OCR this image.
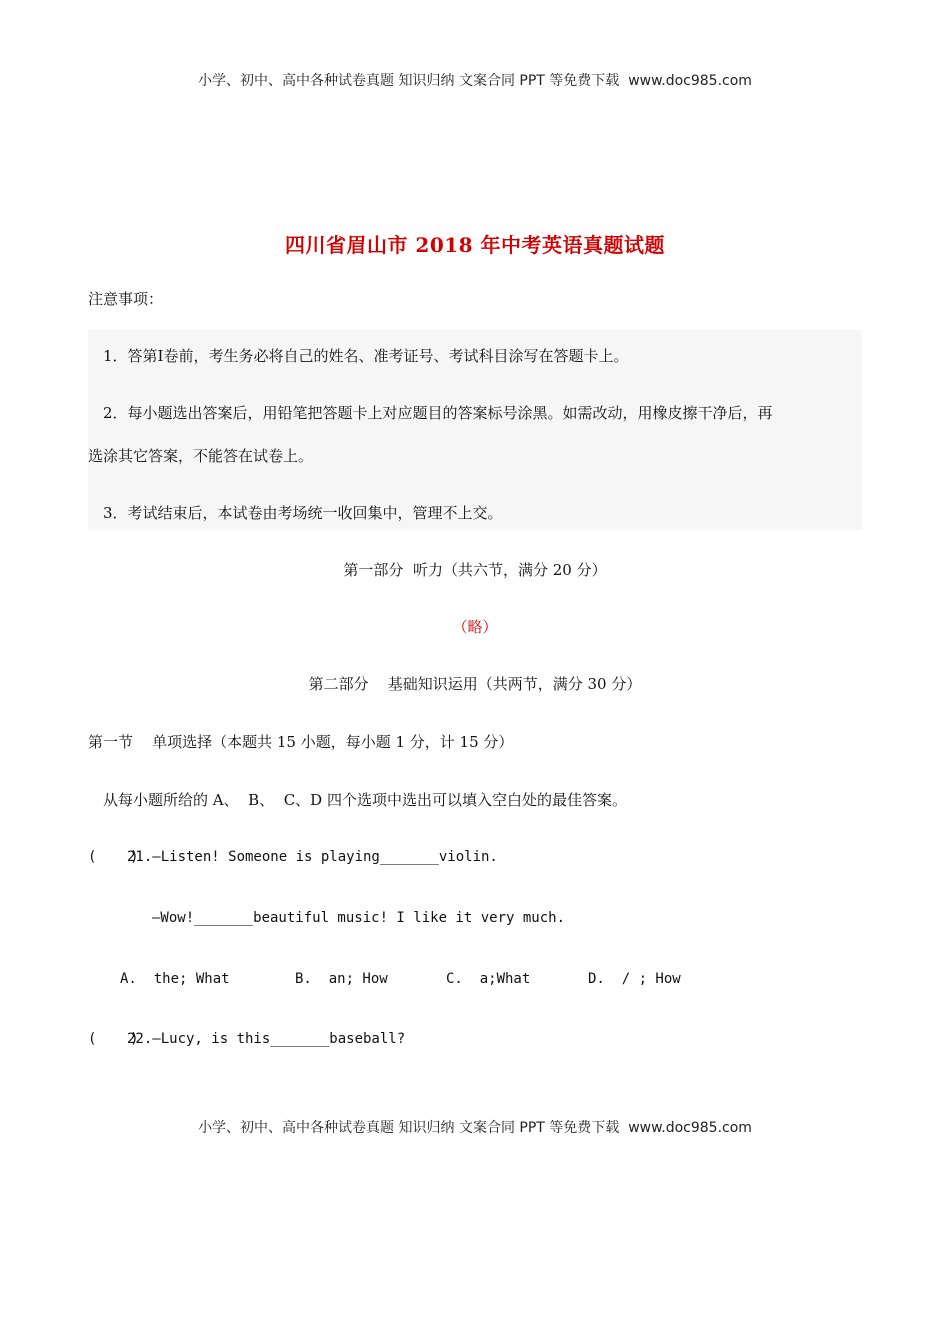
小学、初中、高中各种试卷真题 知识归纳 文案合同 PPT 等免费下载  www.doc985.com
四川省眉山市 2018 年中考英语真题试题
注意事项：
1．答第Ⅰ卷前，考生务必将自己的姓名、准考证号、考试科目涂写在答题卡上。
2．每小题选出答案后，用铅笔把答题卡上对应题目的答案标号涂黑。如需改动，用橡皮擦干净后，再
选涂其它答案，不能答在试卷上。
3．考试结束后，本试卷由考场统一收回集中，管理不上交。
第一部分  听力（共六节，满分 20 分）
（略）
第二部分    基础知识运用（共两节，满分 30 分）
第一节    单项选择（本题共 15 小题，每小题 1 分，计 15 分）
从每小题所给的 A、  B、  C、D 四个选项中选出可以填入空白处的最佳答案。
(    )
21.—Listen! Someone is playing_______violin.
—Wow!_______beautiful music! I like it very much.
A.  the; What	B.  an; How	C.  a;What	D.  / ; How
(    )
22.—Lucy, is this_______baseball?
小学、初中、高中各种试卷真题 知识归纳 文案合同 PPT 等免费下载  www.doc985.com
